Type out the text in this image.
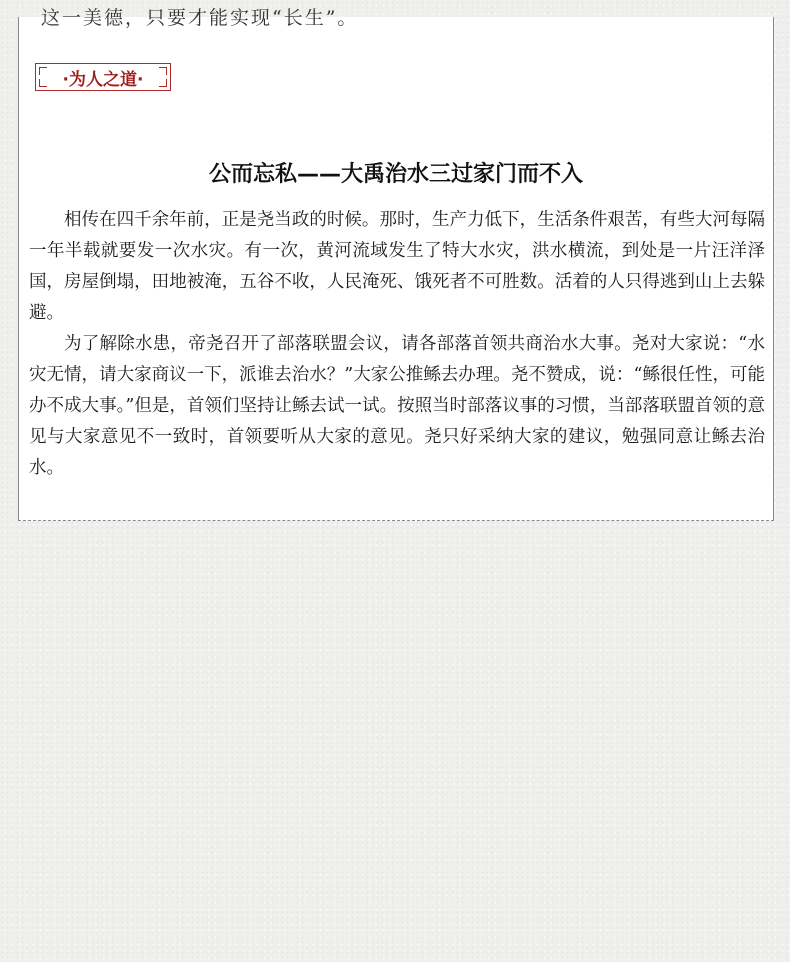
这一美德，只要才能实现“长生”。
·为人之道·
公而忘私——大禹治水三过家门而不入

相传在四千余年前，正是尧当政的时候。那时，生产力低下，生活条件艰苦，有些大河每隔一年半载就要发一次水灾。有一次，黄河流域发生了特大水灾，洪水横流，到处是一片汪洋泽国，房屋倒塌，田地被淹，五谷不收，人民淹死、饿死者不可胜数。活着的人只得逃到山上去躲避。

为了解除水患，帝尧召开了部落联盟会议，请各部落首领共商治水大事。尧对大家说：“水灾无情，请大家商议一下，派谁去治水？”大家公推鲧去办理。尧不赞成，说：“鲧很任性，可能办不成大事。”但是，首领们坚持让鲧去试一试。按照当时部落议事的习惯，当部落联盟首领的意见与大家意见不一致时，首领要听从大家的意见。尧只好采纳大家的建议，勉强同意让鲧去治水。
